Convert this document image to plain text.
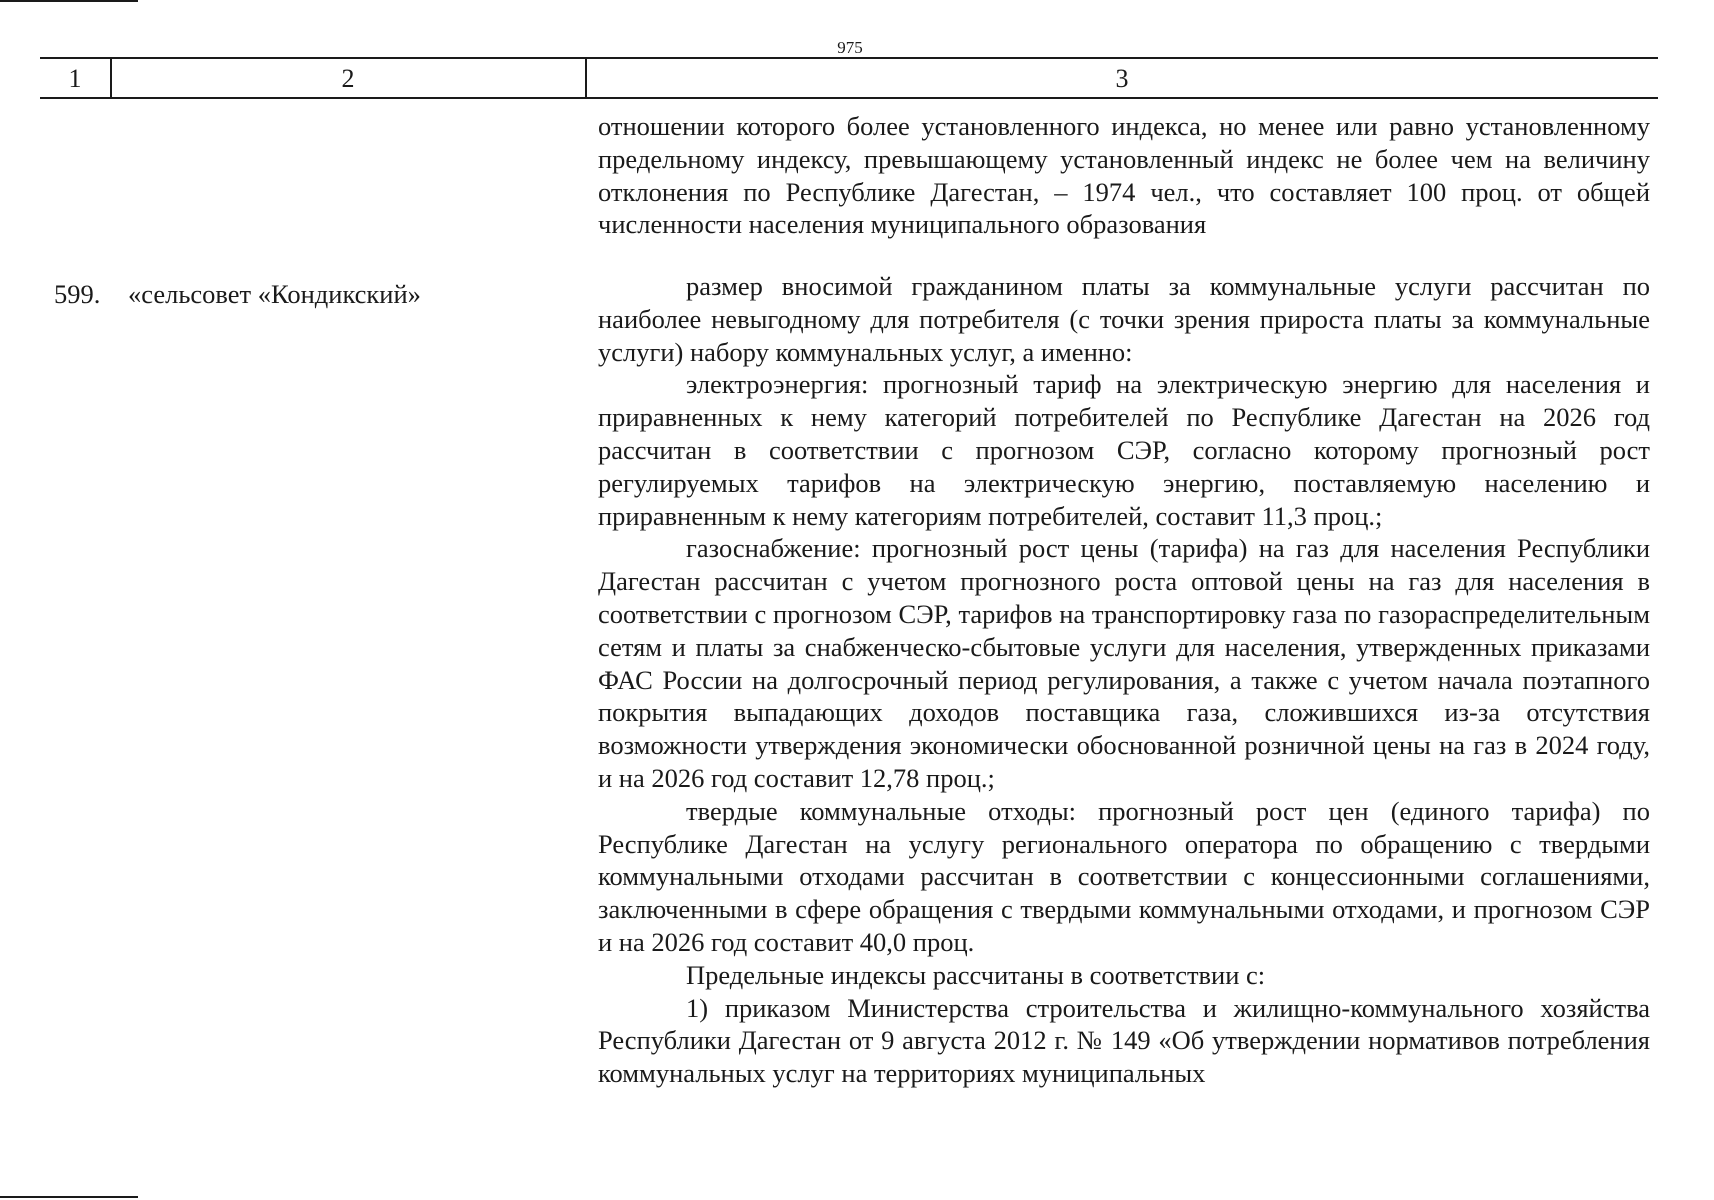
975
1	2	3

отношении которого более установленного индекса, но менее или равно установленному предельному индексу, превышающему установленный индекс не более чем на величину отклонения по Республике Дагестан, – 1974 чел., что составляет 100 проц. от общей численности населения муниципального образования

599. «сельсовет «Кондикский»	размер вносимой гражданином платы за коммунальные услуги рассчитан по наиболее невыгодному для потребителя (с точки зрения прироста платы за коммунальные услуги) набору коммунальных услуг, а именно:

электроэнергия: прогнозный тариф на электрическую энергию для населения и приравненных к нему категорий потребителей по Республике Дагестан на 2026 год рассчитан в соответствии с прогнозом СЭР, согласно которому прогнозный рост регулируемых тарифов на электрическую энергию, поставляемую населению и приравненным к нему категориям потребителей, составит 11,3 проц.;

газоснабжение: прогнозный рост цены (тарифа) на газ для населения Республики Дагестан рассчитан с учетом прогнозного роста оптовой цены на газ для населения в соответствии с прогнозом СЭР, тарифов на транспортировку газа по газораспределительным сетям и платы за снабженческо-сбытовые услуги для населения, утвержденных приказами ФАС России на долгосрочный период регулирования, а также с учетом начала поэтапного покрытия выпадающих доходов поставщика газа, сложившихся из-за отсутствия возможности утверждения экономически обоснованной розничной цены на газ в 2024 году, и на 2026 год составит 12,78 проц.;

твердые коммунальные отходы: прогнозный рост цен (единого тарифа) по Республике Дагестан на услугу регионального оператора по обращению с твердыми коммунальными отходами рассчитан в соответствии с концессионными соглашениями, заключенными в сфере обращения с твердыми коммунальными отходами, и прогнозом СЭР и на 2026 год составит 40,0 проц.

Предельные индексы рассчитаны в соответствии с:

1) приказом Министерства строительства и жилищно-коммунального хозяйства Республики Дагестан от 9 августа 2012 г. № 149 «Об утверждении нормативов потребления коммунальных услуг на территориях муниципальных
